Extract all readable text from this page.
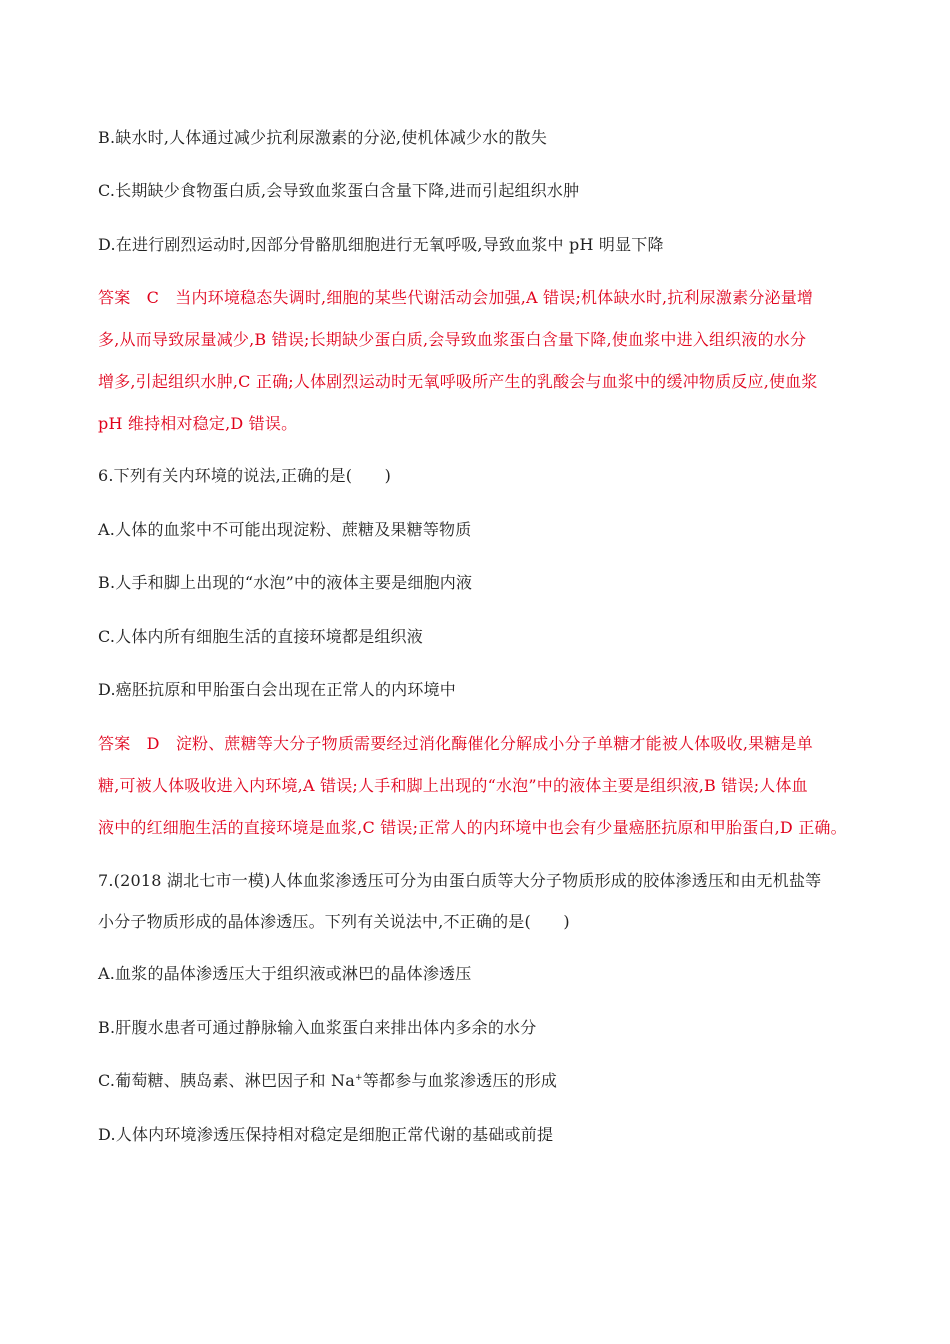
B.缺水时,人体通过减少抗利尿激素的分泌,使机体减少水的散失
C.长期缺少食物蛋白质,会导致血浆蛋白含量下降,进而引起组织水肿
D.在进行剧烈运动时,因部分骨骼肌细胞进行无氧呼吸,导致血浆中 pH 明显下降
答案　C　当内环境稳态失调时,细胞的某些代谢活动会加强,A 错误;机体缺水时,抗利尿激素分泌量增
多,从而导致尿量减少,B 错误;长期缺少蛋白质,会导致血浆蛋白含量下降,使血浆中进入组织液的水分
增多,引起组织水肿,C 正确;人体剧烈运动时无氧呼吸所产生的乳酸会与血浆中的缓冲物质反应,使血浆
pH 维持相对稳定,D 错误。
6.下列有关内环境的说法,正确的是(　　)
A.人体的血浆中不可能出现淀粉、蔗糖及果糖等物质
B.人手和脚上出现的“水泡”中的液体主要是细胞内液
C.人体内所有细胞生活的直接环境都是组织液
D.癌胚抗原和甲胎蛋白会出现在正常人的内环境中
答案　D　淀粉、蔗糖等大分子物质需要经过消化酶催化分解成小分子单糖才能被人体吸收,果糖是单
糖,可被人体吸收进入内环境,A 错误;人手和脚上出现的“水泡”中的液体主要是组织液,B 错误;人体血
液中的红细胞生活的直接环境是血浆,C 错误;正常人的内环境中也会有少量癌胚抗原和甲胎蛋白,D 正确。
7.(2018 湖北七市一模)人体血浆渗透压可分为由蛋白质等大分子物质形成的胶体渗透压和由无机盐等
小分子物质形成的晶体渗透压。下列有关说法中,不正确的是(　　)
A.血浆的晶体渗透压大于组织液或淋巴的晶体渗透压
B.肝腹水患者可通过静脉输入血浆蛋白来排出体内多余的水分
C.葡萄糖、胰岛素、淋巴因子和 Na+等都参与血浆渗透压的形成
D.人体内环境渗透压保持相对稳定是细胞正常代谢的基础或前提
